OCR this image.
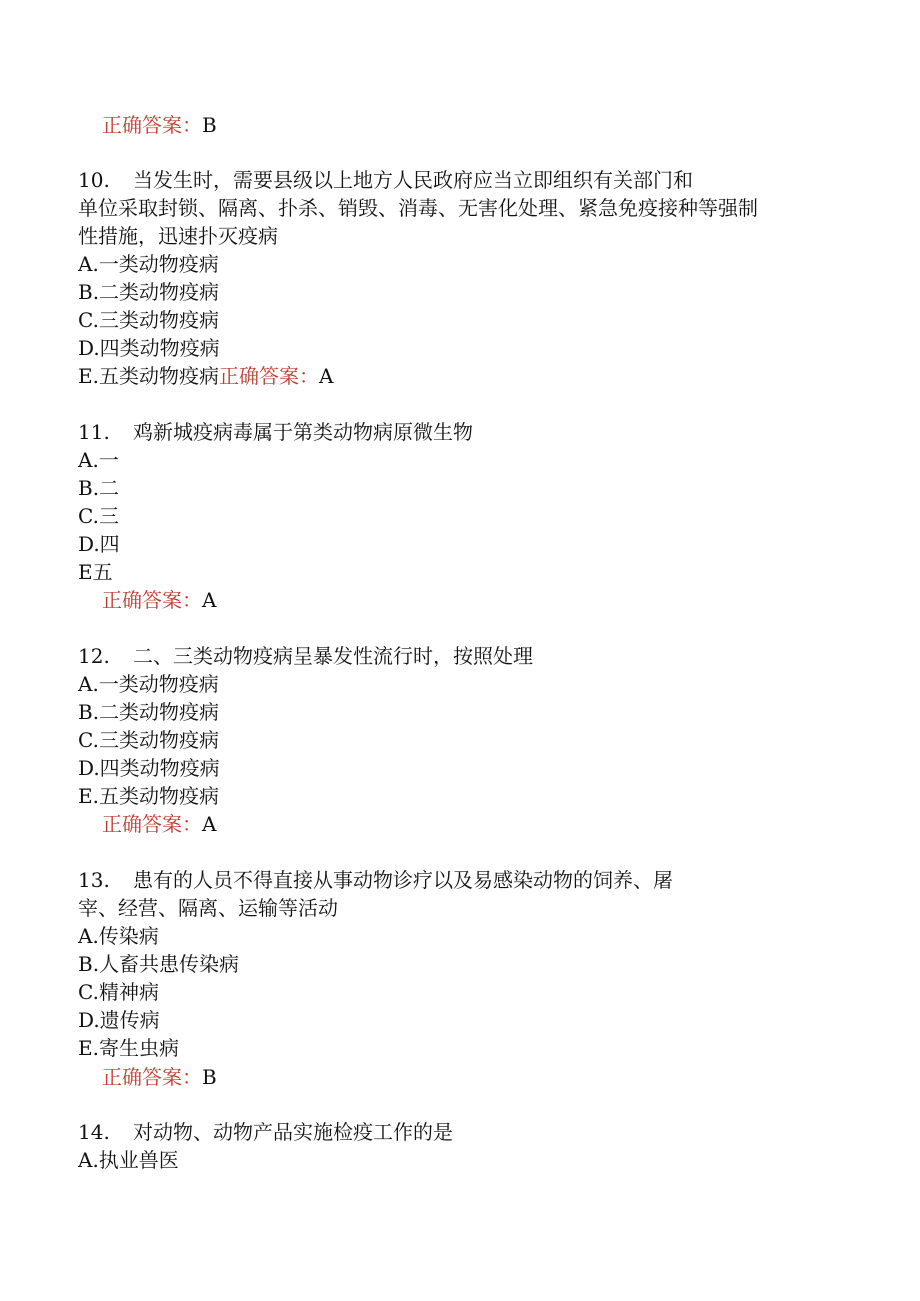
正确答案：B
10. 当发生时，需要县级以上地方人民政府应当立即组织有关部门和
单位采取封锁、隔离、扑杀、销毁、消毒、无害化处理、紧急免疫接种等强制
性措施，迅速扑灭疫病
A.一类动物疫病
B.二类动物疫病
C.三类动物疫病
D.四类动物疫病
E.五类动物疫病正确答案：A
11. 鸡新城疫病毒属于第类动物病原微生物
A.一
B.二
C.三
D.四
E五
正确答案：A
12. 二、三类动物疫病呈暴发性流行时，按照处理
A.一类动物疫病
B.二类动物疫病
C.三类动物疫病
D.四类动物疫病
E.五类动物疫病
正确答案：A
13. 患有的人员不得直接从事动物诊疗以及易感染动物的饲养、屠
宰、经营、隔离、运输等活动
A.传染病
B.人畜共患传染病
C.精神病
D.遗传病
E.寄生虫病
正确答案：B
14. 对动物、动物产品实施检疫工作的是
A.执业兽医
